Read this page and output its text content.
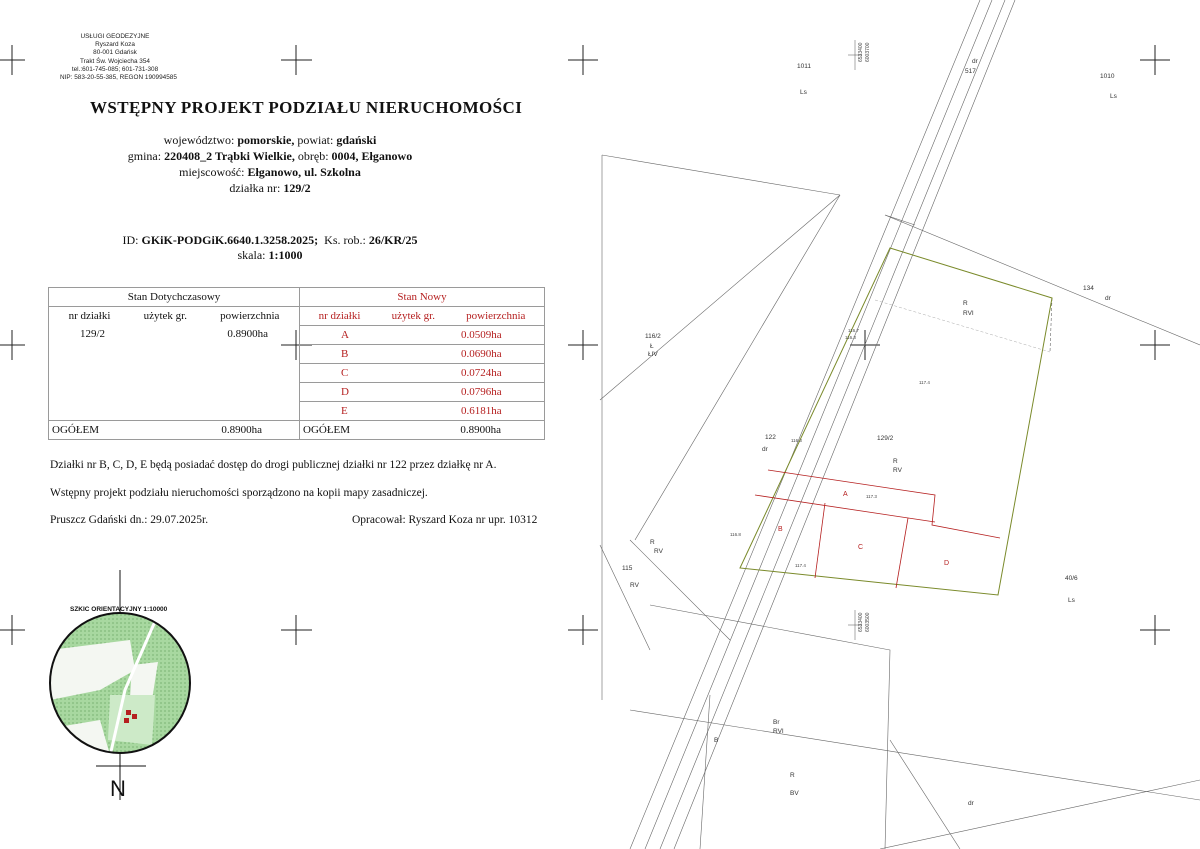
USŁUGI GEODEZYJNE
Ryszard Koza
80-001 Gdańsk
Trakt Św. Wojciecha 354
tel.:601-745-085; 601-731-308
NIP: 583-20-55-385, REGON 190994585
WSTĘPNY PROJEKT PODZIAŁU NIERUCHOMOŚCI
województwo: pomorskie, powiat: gdański
gmina: 220408_2 Trąbki Wielkie, obręb: 0004, Ełganowo
miejscowość: Ełganowo, ul. Szkolna
działka nr: 129/2
ID: GKiK-PODGiK.6640.1.3258.2025; Ks. rob.: 26/KR/25
skala: 1:1000
Stan Dotychczasowy	Stan Nowy

nr działki użytek gr. powierzchnia	nr działki użytek gr. powierzchnia

129/2 0.8900ha	A 0.0509ha
	B 0.0690ha
	C 0.0724ha
	D 0.0796ha
	E 0.6181ha
OGÓŁEM 0.8900ha	OGÓŁEM 0.8900ha
Działki nr B, C, D, E będą posiadać dostęp do drogi publicznej działki nr 122 przez działkę nr A.
Wstępny projekt podziału nieruchomości sporządzono na kopii mapy zasadniczej.
Pruszcz Gdański dn.: 29.07.2025r.	Opracował: Ryszard Koza nr upr. 10312
SZKIC ORIENTACYJNY 1:10000
N
6533400 6003700
6533400 6003500
1011
Ls
517
dr
1010
Ls
134
dr
116/2
Ł
ŁIV
R
RVI
122
dr
129/2
R
RV
R
RV
115
RV
40/6
Ls
Br
RVI
B
R
BV
dr
A
B
C
D
117.4
116.3
117.3
117.4
116.7
116.3
116.8
